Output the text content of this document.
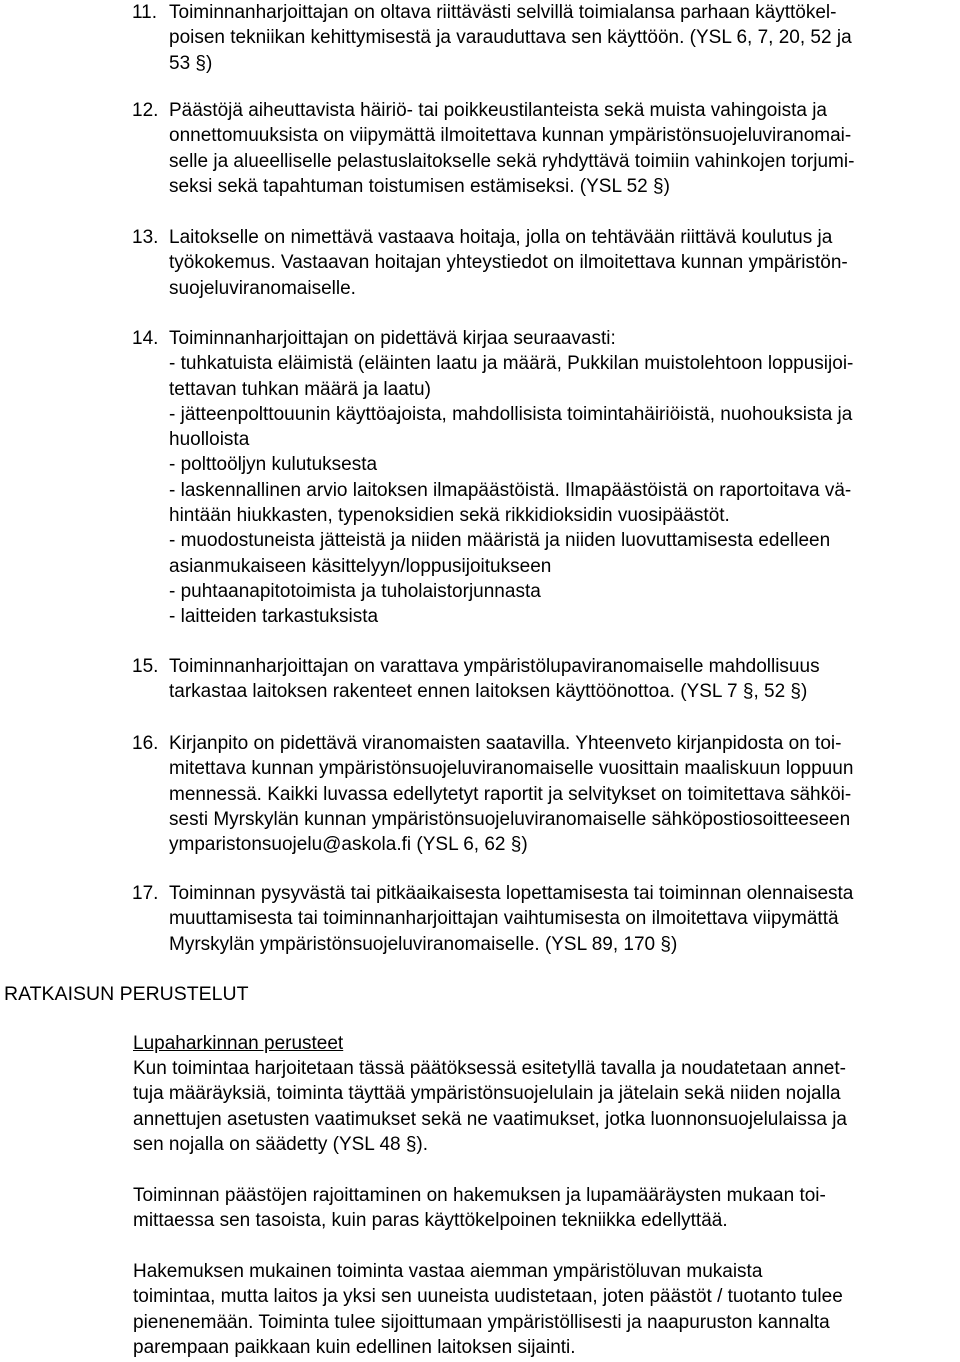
11. Toiminnanharjoittajan on oltava riittävästi selvillä toimialansa parhaan käyttökel-
poisen tekniikan kehittymisestä ja varauduttava sen käyttöön. (YSL 6, 7, 20, 52 ja
53 §)
12. Päästöjä aiheuttavista häiriö- tai poikkeustilanteista sekä muista vahingoista ja
onnettomuuksista on viipymättä ilmoitettava kunnan ympäristönsuojeluviranomai-
selle ja alueelliselle pelastuslaitokselle sekä ryhdyttävä toimiin vahinkojen torjumi-
seksi sekä tapahtuman toistumisen estämiseksi. (YSL 52 §)
13. Laitokselle on nimettävä vastaava hoitaja, jolla on tehtävään riittävä koulutus ja
työkokemus. Vastaavan hoitajan yhteystiedot on ilmoitettava kunnan ympäristön-
suojeluviranomaiselle.
14. Toiminnanharjoittajan on pidettävä kirjaa seuraavasti:
- tuhkatuista eläimistä (eläinten laatu ja määrä, Pukkilan muistolehtoon loppusijoi-
tettavan tuhkan määrä ja laatu)
- jätteenpolttouunin käyttöajoista, mahdollisista toimintahäiriöistä, nuohouksista ja
huolloista
- polttoöljyn kulutuksesta
- laskennallinen arvio laitoksen ilmapäästöistä. Ilmapäästöistä on raportoitava vä-
hintään hiukkasten, typenoksidien sekä rikkidioksidin vuosipäästöt.
- muodostuneista jätteistä ja niiden määristä ja niiden luovuttamisesta edelleen
asianmukaiseen käsittelyyn/loppusijoitukseen
- puhtaanapitotoimista ja tuholaistorjunnasta
- laitteiden tarkastuksista
15. Toiminnanharjoittajan on varattava ympäristölupaviranomaiselle mahdollisuus
tarkastaa laitoksen rakenteet ennen laitoksen käyttöönottoa. (YSL 7 §, 52 §)
16. Kirjanpito on pidettävä viranomaisten saatavilla. Yhteenveto kirjanpidosta on toi-
mitettava kunnan ympäristönsuojeluviranomaiselle vuosittain maaliskuun loppuun
mennessä. Kaikki luvassa edellytetyt raportit ja selvitykset on toimitettava sähköi-
sesti Myrskylän kunnan ympäristönsuojeluviranomaiselle sähköpostiosoitteeseen
ymparistonsuojelu@askola.fi (YSL 6, 62 §)
17. Toiminnan pysyvästä tai pitkäaikaisesta lopettamisesta tai toiminnan olennaisesta
muuttamisesta tai toiminnanharjoittajan vaihtumisesta on ilmoitettava viipymättä
Myrskylän ympäristönsuojeluviranomaiselle. (YSL 89, 170 §)
RATKAISUN PERUSTELUT
Lupaharkinnan perusteet
Kun toimintaa harjoitetaan tässä päätöksessä esitetyllä tavalla ja noudatetaan annet-
tuja määräyksiä, toiminta täyttää ympäristönsuojelulain ja jätelain sekä niiden nojalla
annettujen asetusten vaatimukset sekä ne vaatimukset, jotka luonnonsuojelulaissa ja
sen nojalla on säädetty (YSL 48 §).
Toiminnan päästöjen rajoittaminen on hakemuksen ja lupamääräysten mukaan toi-
mittaessa sen tasoista, kuin paras käyttökelpoinen tekniikka edellyttää.
Hakemuksen mukainen toiminta vastaa aiemman ympäristöluvan mukaista
toimintaa, mutta laitos ja yksi sen uuneista uudistetaan, joten päästöt / tuotanto tulee
pienenemään. Toiminta tulee sijoittumaan ympäristöllisesti ja naapuruston kannalta
parempaan paikkaan kuin edellinen laitoksen sijainti.
